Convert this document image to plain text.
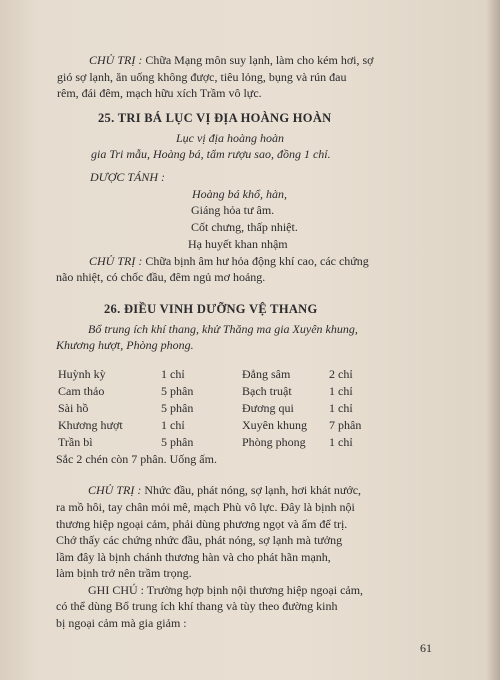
CHỦ TRỊ : Chữa Mạng môn suy lạnh, làm cho kém hơi, sợ
gió sợ lạnh, ăn uống không được, tiêu lỏng, bụng và rún đau
rêm, đái đêm, mạch hữu xích Trầm vô lực.
25. TRI BÁ LỤC VỊ ĐỊA HOÀNG HOÀN
Lục vị địa hoàng hoàn
gia Tri mẫu, Hoàng bá, tẩm rượu sao, đồng 1 chỉ.
DƯỢC TÁNH :
Hoàng bá khổ, hàn,
Giáng hỏa tư âm.
Cốt chưng, thấp nhiệt.
Hạ huyết khan nhậm
CHỦ TRỊ : Chữa bịnh âm hư hỏa động khí cao, các chứng
não nhiệt, có chốc đầu, đêm ngủ mơ hoảng.
26. ĐIỀU VINH DƯỠNG VỆ THANG
Bổ trung ích khí thang, khử Thăng ma gia Xuyên khung,
Khương hượt, Phòng phong.
Huỳnh kỳ	1 chỉ	Đẳng sâm	2 chỉ
Cam thảo	5 phân	Bạch truật	1 chỉ
Sài hồ	5 phân	Đương qui	1 chỉ
Khương hượt	1 chỉ	Xuyên khung	7 phân
Trần bì	5 phân	Phòng phong	1 chỉ
Sắc 2 chén còn 7 phân. Uống ấm.
CHỦ TRỊ : Nhức đầu, phát nóng, sợ lạnh, hơi khát nước,
ra mồ hôi, tay chân mỏi mê, mạch Phù vô lực. Đây là bịnh nội
thương hiệp ngoại cảm, phải dùng phương ngọt và ấm để trị.
Chớ thấy các chứng nhức đầu, phát nóng, sợ lạnh mà tưởng
lầm đây là bịnh chánh thương hàn và cho phát hãn mạnh,
làm bịnh trở nên trầm trọng.
GHI CHÚ : Trường hợp bịnh nội thương hiệp ngoại cảm,
có thể dùng Bổ trung ích khí thang và tùy theo đường kinh
bị ngoại cảm mà gia giảm :
61
